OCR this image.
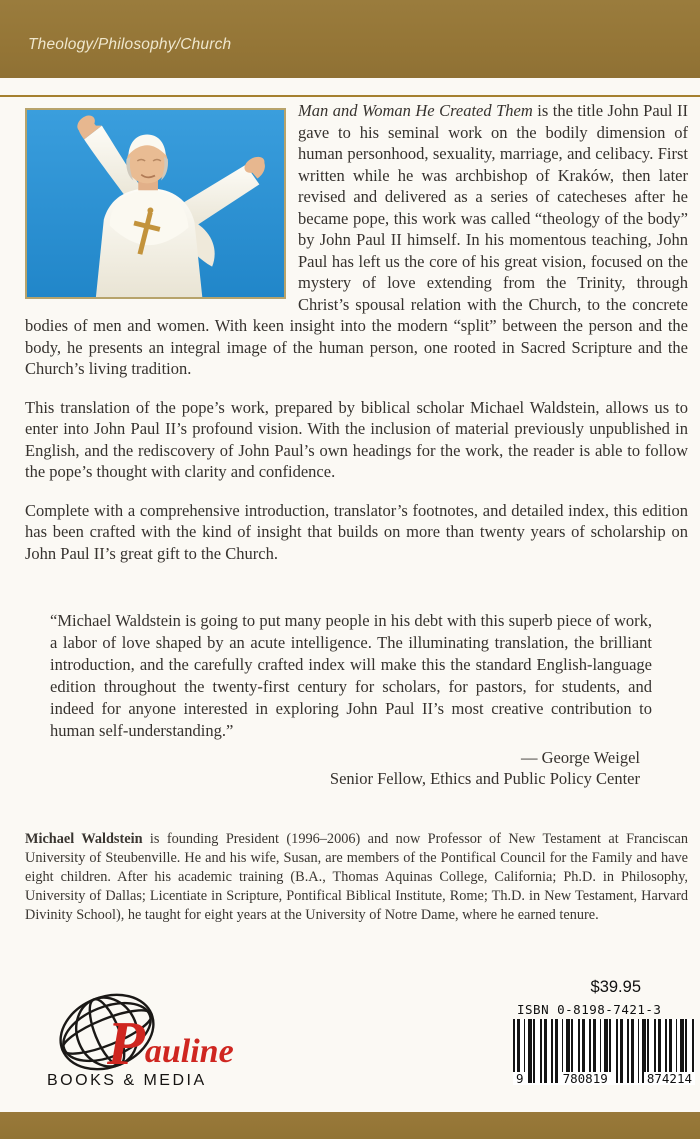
Theology/Philosophy/Church

Man and Woman He Created Them is the title John Paul II gave to his seminal work on the bodily dimension of human personhood, sexuality, marriage, and celibacy. First written while he was archbishop of Kraków, then later revised and delivered as a series of catecheses after he became pope, this work was called “theology of the body” by John Paul II himself. In his momentous teaching, John Paul has left us the core of his great vision, focused on the mystery of love extending from the Trinity, through Christ’s spousal relation with the Church, to the concrete bodies of men and women. With keen insight into the modern “split” between the person and the body, he presents an integral image of the human person, one rooted in Sacred Scripture and the Church’s living tradition.

This translation of the pope’s work, prepared by biblical scholar Michael Waldstein, allows us to enter into John Paul II’s profound vision. With the inclusion of material previously unpublished in English, and the rediscovery of John Paul’s own headings for the work, the reader is able to follow the pope’s thought with clarity and confidence.

Complete with a comprehensive introduction, translator’s footnotes, and detailed index, this edition has been crafted with the kind of insight that builds on more than twenty years of scholarship on John Paul II’s great gift to the Church.

“Michael Waldstein is going to put many people in his debt with this superb piece of work, a labor of love shaped by an acute intelligence. The illuminating translation, the brilliant introduction, and the carefully crafted index will make this the standard English-language edition throughout the twenty-first century for scholars, for pastors, for students, and indeed for anyone interested in exploring John Paul II’s most creative contribution to human self-understanding.”
— George Weigel
Senior Fellow, Ethics and Public Policy Center

Michael Waldstein is founding President (1996–2006) and now Professor of New Testament at Franciscan University of Steubenville. He and his wife, Susan, are members of the Pontifical Council for the Family and have eight children. After his academic training (B.A., Thomas Aquinas College, California; Ph.D. in Philosophy, University of Dallas; Licentiate in Scripture, Pontifical Biblical Institute, Rome; Th.D. in New Testament, Harvard Divinity School), he taught for eight years at the University of Notre Dame, where he earned tenure.

Pauline
BOOKS & MEDIA
$39.95
ISBN 0-8198-7421-3
9	780819	874214
